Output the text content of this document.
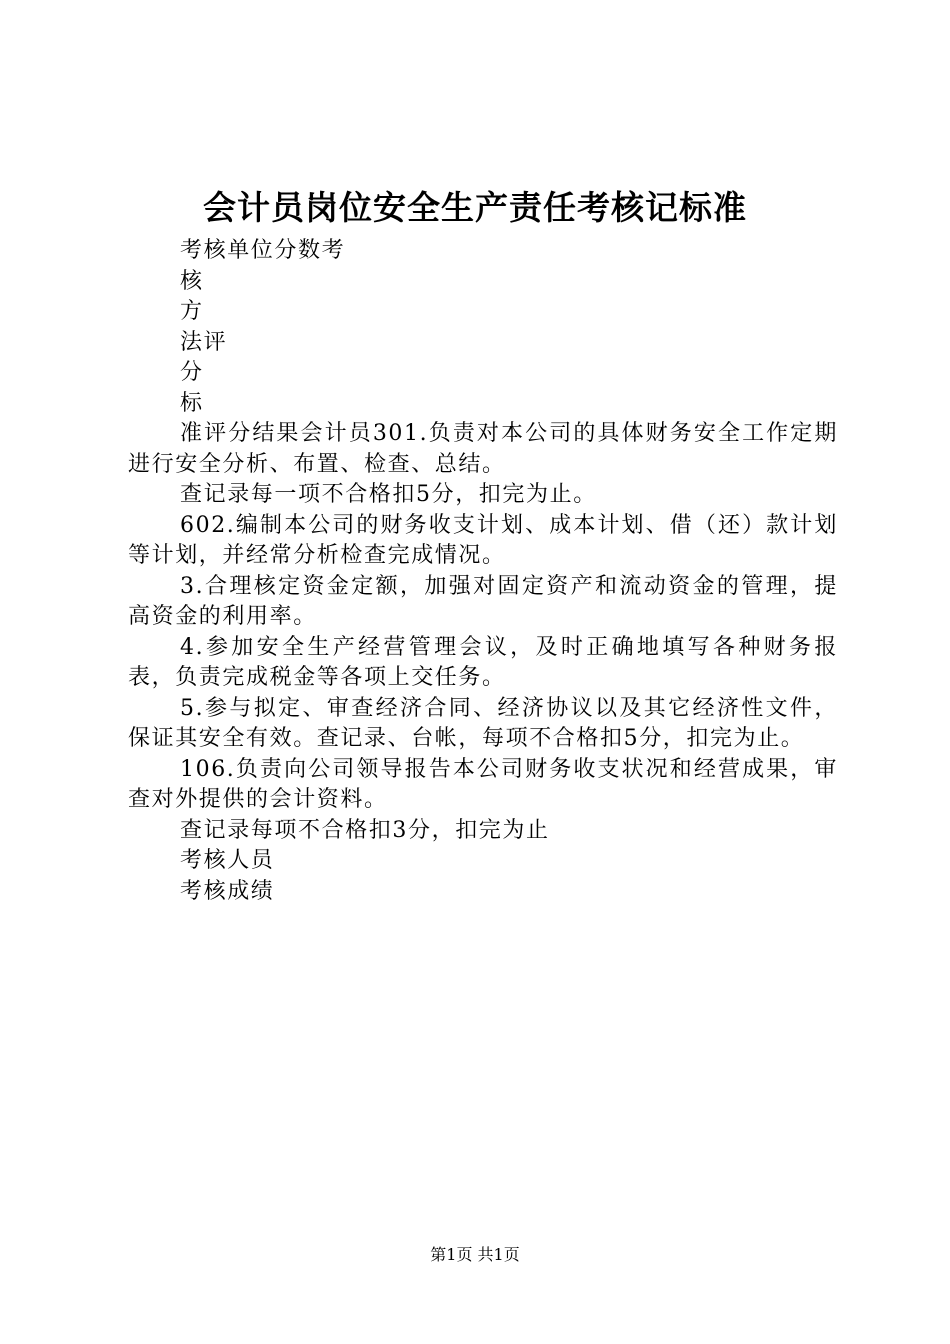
会计员岗位安全生产责任考核记标准

考核单位分数考

核

方

法评

分

标

准评分结果会计员301.负责对本公司的具体财务安全工作定期进行安全分析、布置、检查、总结。

查记录每一项不合格扣5分，扣完为止。

602.编制本公司的财务收支计划、成本计划、借（还）款计划等计划，并经常分析检查完成情况。

3.合理核定资金定额，加强对固定资产和流动资金的管理，提高资金的利用率。

4.参加安全生产经营管理会议，及时正确地填写各种财务报表，负责完成税金等各项上交任务。

5.参与拟定、审查经济合同、经济协议以及其它经济性文件，保证其安全有效。查记录、台帐，每项不合格扣5分，扣完为止。

106.负责向公司领导报告本公司财务收支状况和经营成果，审查对外提供的会计资料。

查记录每项不合格扣3分，扣完为止

考核人员

考核成绩

第1页 共1页
